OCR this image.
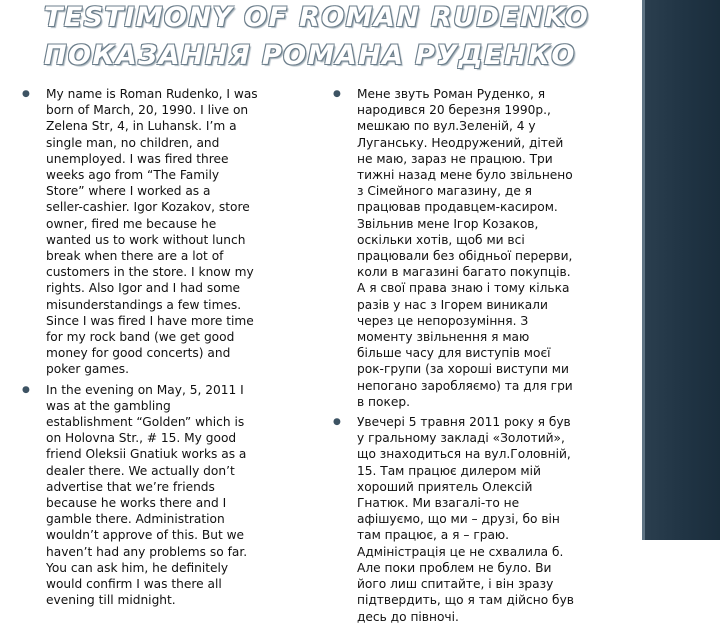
TESTIMONY OF ROMAN RUDENKO
ПОКАЗАННЯ РОМАНА РУДЕНКО
● My name is Roman Rudenko, I was
born of March, 20, 1990. I live on
Zelena Str, 4, in Luhansk. I’m a
single man, no children, and
unemployed. I was fired three
weeks ago from “The Family
Store” where I worked as a
seller-cashier. Igor Kozakov, store
owner, fired me because he
wanted us to work without lunch
break when there are a lot of
customers in the store. I know my
rights. Also Igor and I had some
misunderstandings a few times.
Since I was fired I have more time
for my rock band (we get good
money for good concerts) and
poker games.
● In the evening on May, 5, 2011 I
was at the gambling
establishment “Golden” which is
on Holovna Str., # 15. My good
friend Oleksii Gnatiuk works as a
dealer there. We actually don’t
advertise that we’re friends
because he works there and I
gamble there. Administration
wouldn’t approve of this. But we
haven’t had any problems so far.
You can ask him, he definitely
would confirm I was there all
evening till midnight.
● Мене звуть Роман Руденко, я
народився 20 березня 1990р.,
мешкаю по вул.Зеленій, 4 у
Луганську. Неодружений, дітей
не маю, зараз не працюю. Три
тижні назад мене було звільнено
з Сімейного магазину, де я
працював продавцем-касиром.
Звільнив мене Ігор Козаков,
оскільки хотів, щоб ми всі
працювали без обідньої перерви,
коли в магазині багато покупців.
А я свої права знаю і тому кілька
разів у нас з Ігорем виникали
через це непорозуміння. З
моменту звільнення я маю
більше часу для виступів моєї
рок-групи (за хороші виступи ми
непогано заробляємо) та для гри
в покер.
● Увечері 5 травня 2011 року я був
у гральному закладі «Золотий»,
що знаходиться на вул.Головній,
15. Там працює дилером мій
хороший приятель Олексій
Гнатюк. Ми взагалі-то не
афішуємо, що ми – друзі, бо він
там працює, а я – граю.
Адміністрація це не схвалила б.
Але поки проблем не було. Ви
його лиш спитайте, і він зразу
підтвердить, що я там дійсно був
десь до півночі.
